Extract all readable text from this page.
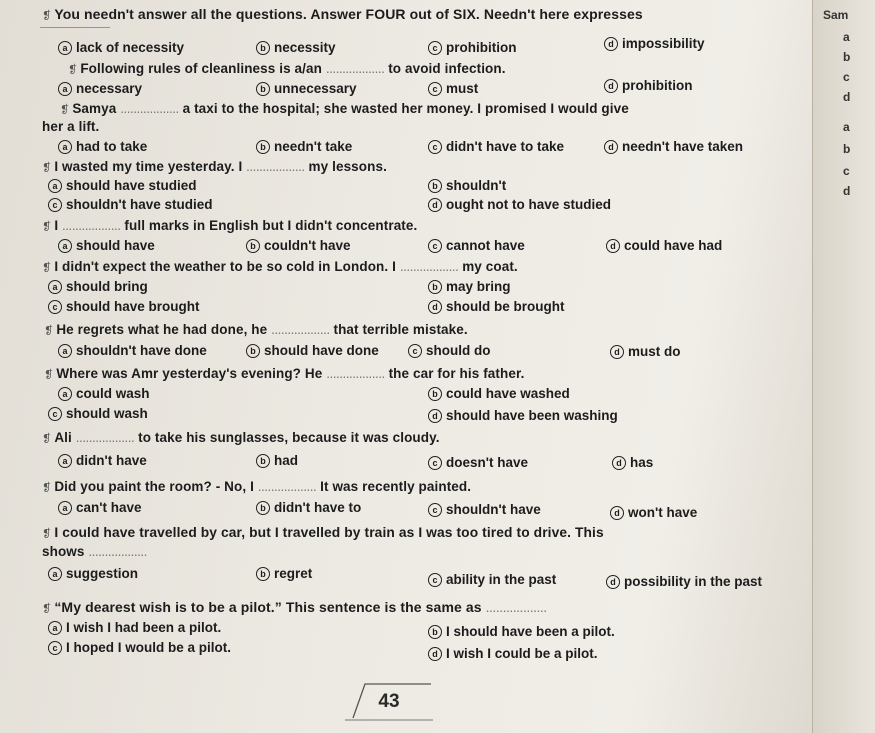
❡ You needn't answer all the questions. Answer FOUR out of SIX. Needn't here expresses
a lack of necessity	b necessity	c prohibition	d impossibility
❡ Following rules of cleanliness is a/an .................. to avoid infection.
a necessary	b unnecessary	c must	d prohibition
❡ Samya .................. a taxi to the hospital; she wasted her money. I promised I would give
her a lift.
a had to take	b needn't take	c didn't have to take	d needn't have taken
❡ I wasted my time yesterday. I .................. my lessons.
a should have studied	b shouldn't
c shouldn't have studied	d ought not to have studied
❡ I .................. full marks in English but I didn't concentrate.
a should have	b couldn't have	c cannot have	d could have had
❡ I didn't expect the weather to be so cold in London. I .................. my coat.
a should bring	b may bring
c should have brought	d should be brought
❡ He regrets what he had done, he .................. that terrible mistake.
a shouldn't have done	b should have done	c should do	d must do
❡ Where was Amr yesterday's evening? He .................. the car for his father.
a could wash	b could have washed
c should wash	d should have been washing
❡ Ali .................. to take his sunglasses, because it was cloudy.
a didn't have	b had	c doesn't have	d has
❡ Did you paint the room? - No, I .................. It was recently painted.
a can't have	b didn't have to	c shouldn't have	d won't have
❡ I could have travelled by car, but I travelled by train as I was too tired to drive. This
shows ..................
a suggestion	b regret	c ability in the past	d possibility in the past
❡ “My dearest wish is to be a pilot.” This sentence is the same as ..................
a I wish I had been a pilot.	b I should have been a pilot.
c I hoped I would be a pilot.	d I wish I could be a pilot.
43
Sam
a
b
c
d
a
b
c
d
